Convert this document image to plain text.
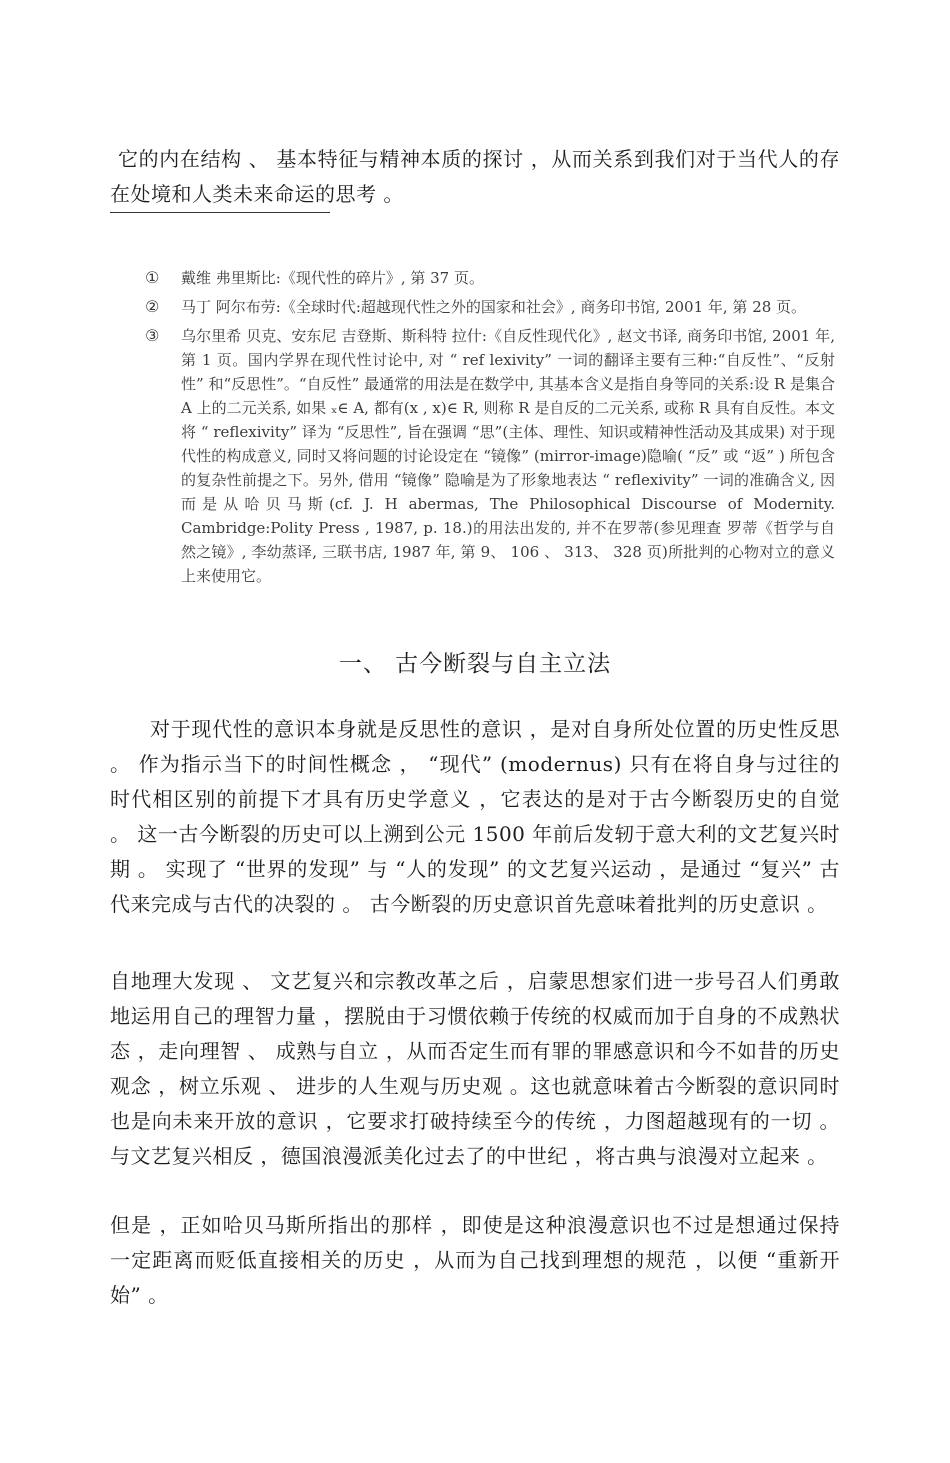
它的内在结构 、 基本特征与精神本质的探讨 ，从而关系到我们对于当代人的存在处境和人类未来命运的思考 。
①	戴维 弗里斯比:《现代性的碎片》, 第 37 页。
②	马丁 阿尔布劳:《全球时代:超越现代性之外的国家和社会》, 商务印书馆, 2001 年, 第 28 页。
③	乌尔里希 贝克、安东尼 吉登斯、斯科特 拉什:《自反性现代化》, 赵文书译, 商务印书馆, 2001 年, 第 1 页。国内学界在现代性讨论中, 对 “ ref lexivity” 一词的翻译主要有三种:“自反性”、“反射性” 和“反思性”。“自反性” 最通常的用法是在数学中, 其基本含义是指自身等同的关系:设 R 是集合 A 上的二元关系, 如果 ₓ∈ A, 都有(x , x)∈ R, 则称 R 是自反的二元关系, 或称 R 具有自反性。本文将 “ reflexivity” 译为 “反思性”, 旨在强调 “思”(主体、理性、知识或精神性活动及其成果) 对于现代性的构成意义, 同时又将问题的讨论设定在 “镜像” (mirror-image)隐喻( “反” 或 “返” ) 所包含的复杂性前提之下。另外, 借用 “镜像” 隐喻是为了形象地表达 “ reflexivity” 一词的准确含义, 因而是从哈贝马斯(cf. J. H abermas, The Philosophical Discourse of Modernity. Cambridge:Polity Press , 1987, p. 18.)的用法出发的, 并不在罗蒂(参见理查 罗蒂《哲学与自然之镜》, 李幼蒸译, 三联书店, 1987 年, 第 9、 106 、 313、 328 页)所批判的心物对立的意义上来使用它。
一、 古今断裂与自主立法
对于现代性的意识本身就是反思性的意识 ，是对自身所处位置的历史性反思 。 作为指示当下的时间性概念 ， “现代” (modernus) 只有在将自身与过往的时代相区别的前提下才具有历史学意义 ，它表达的是对于古今断裂历史的自觉 。 这一古今断裂的历史可以上溯到公元 1500 年前后发轫于意大利的文艺复兴时期 。 实现了 “世界的发现” 与 “人的发现” 的文艺复兴运动 ，是通过 “复兴” 古代来完成与古代的决裂的 。 古今断裂的历史意识首先意味着批判的历史意识 。
自地理大发现 、 文艺复兴和宗教改革之后 ，启蒙思想家们进一步号召人们勇敢地运用自己的理智力量 ，摆脱由于习惯依赖于传统的权威而加于自身的不成熟状态 ，走向理智 、 成熟与自立 ，从而否定生而有罪的罪感意识和今不如昔的历史观念 ，树立乐观 、 进步的人生观与历史观 。这也就意味着古今断裂的意识同时也是向未来开放的意识 ，它要求打破持续至今的传统 ，力图超越现有的一切 。 与文艺复兴相反 ，德国浪漫派美化过去了的中世纪 ，将古典与浪漫对立起来 。
但是 ，正如哈贝马斯所指出的那样 ，即使是这种浪漫意识也不过是想通过保持一定距离而贬低直接相关的历史 ，从而为自己找到理想的规范 ，以便 “重新开始” 。
